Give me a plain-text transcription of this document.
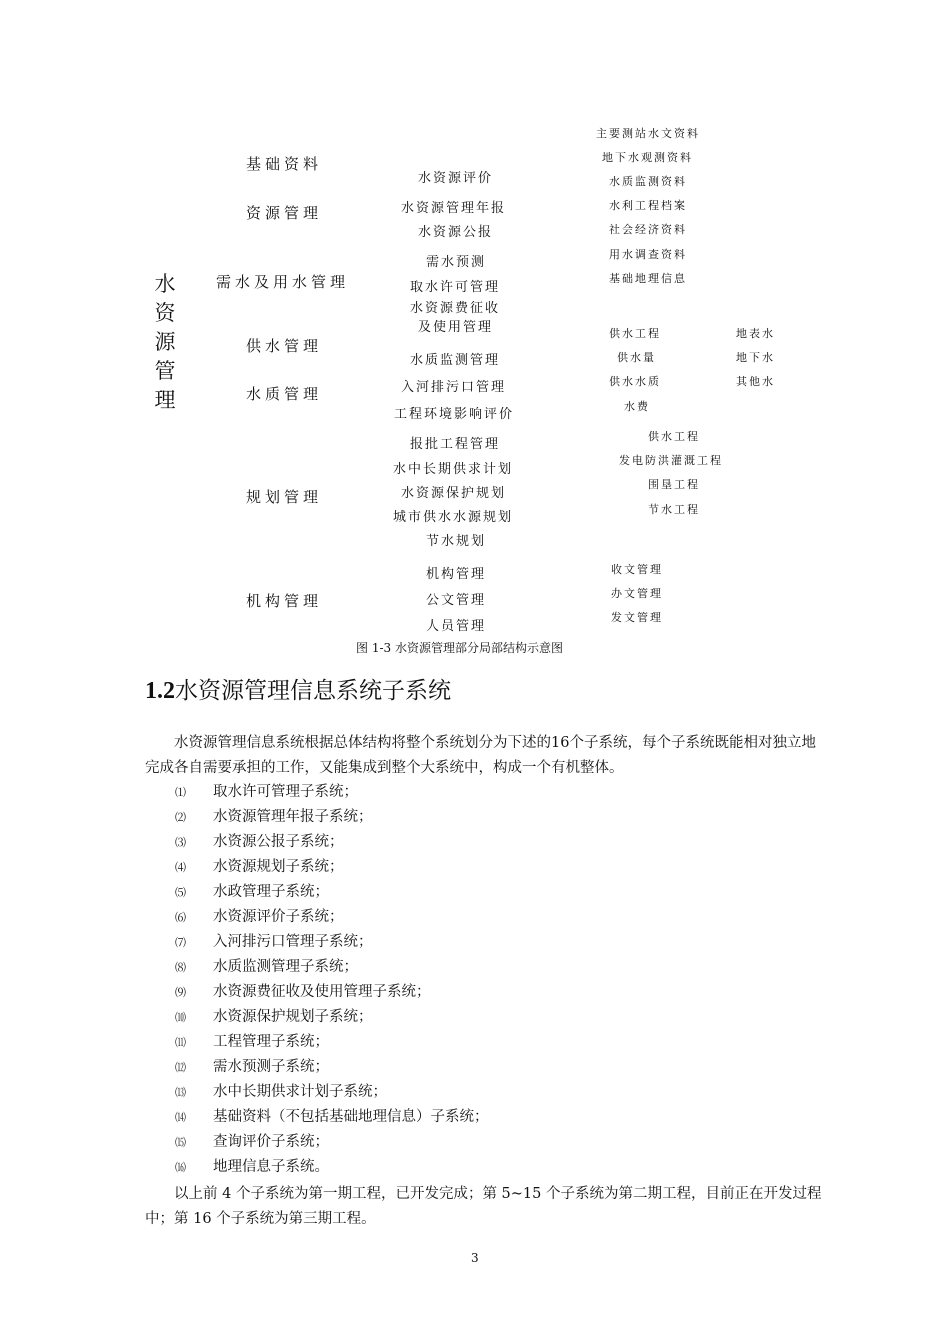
水
资
源
管
理
基础资料
资源管理
需水及用水管理
供水管理
水质管理
规划管理
机构管理
水资源评价
水资源管理年报
水资源公报
需水预测
取水许可管理
水资源费征收
及使用管理
水质监测管理
入河排污口管理
工程环境影响评价
报批工程管理
水中长期供求计划
水资源保护规划
城市供水水源规划
节水规划
机构管理
公文管理
人员管理
主要测站水文资料
地下水观测资料
水质监测资料
水利工程档案
社会经济资料
用水调查资料
基础地理信息
供水工程
供水量
供水水质
水费
地表水
地下水
其他水
供水工程
发电防洪灌溉工程
围垦工程
节水工程
收文管理
办文管理
发文管理
图 1-3 水资源管理部分局部结构示意图
1.2水资源管理信息系统子系统
水资源管理信息系统根据总体结构将整个系统划分为下述的16个子系统，每个子系统既能相对独立地完成各自需要承担的工作，又能集成到整个大系统中，构成一个有机整体。
⑴ 取水许可管理子系统；
⑵ 水资源管理年报子系统；
⑶ 水资源公报子系统；
⑷ 水资源规划子系统；
⑸ 水政管理子系统；
⑹ 水资源评价子系统；
⑺ 入河排污口管理子系统；
⑻ 水质监测管理子系统；
⑼ 水资源费征收及使用管理子系统；
⑽ 水资源保护规划子系统；
⑾ 工程管理子系统；
⑿ 需水预测子系统；
⒀ 水中长期供求计划子系统；
⒁ 基础资料（不包括基础地理信息）子系统；
⒂ 查询评价子系统；
⒃ 地理信息子系统。
以上前 4 个子系统为第一期工程，已开发完成；第 5~15 个子系统为第二期工程，目前正在开发过程中；第 16 个子系统为第三期工程。
3
